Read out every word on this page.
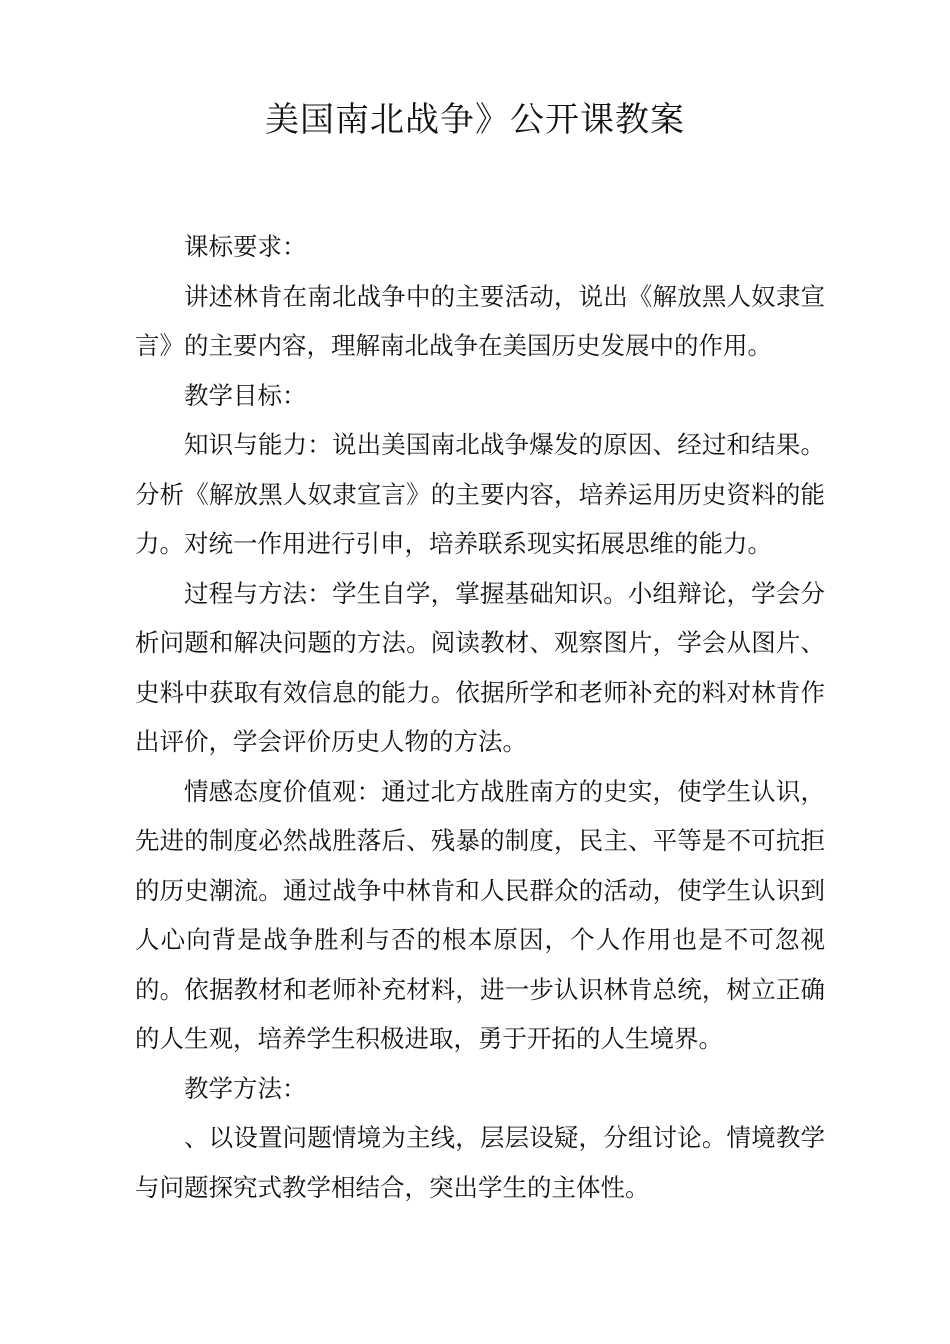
美国南北战争》公开课教案

课标要求：

讲述林肯在南北战争中的主要活动，说出《解放黑人奴隶宣言》的主要内容，理解南北战争在美国历史发展中的作用。

教学目标：

知识与能力：说出美国南北战争爆发的原因、经过和结果。分析《解放黑人奴隶宣言》的主要内容，培养运用历史资料的能力。对统一作用进行引申，培养联系现实拓展思维的能力。

过程与方法：学生自学，掌握基础知识。小组辩论，学会分析问题和解决问题的方法。阅读教材、观察图片，学会从图片、史料中获取有效信息的能力。依据所学和老师补充的料对林肯作出评价，学会评价历史人物的方法。

情感态度价值观：通过北方战胜南方的史实，使学生认识，先进的制度必然战胜落后、残暴的制度，民主、平等是不可抗拒的历史潮流。通过战争中林肯和人民群众的活动，使学生认识到人心向背是战争胜利与否的根本原因，个人作用也是不可忽视的。依据教材和老师补充材料，进一步认识林肯总统，树立正确的人生观，培养学生积极进取，勇于开拓的人生境界。

教学方法：

、以设置问题情境为主线，层层设疑，分组讨论。情境教学与问题探究式教学相结合，突出学生的主体性。
